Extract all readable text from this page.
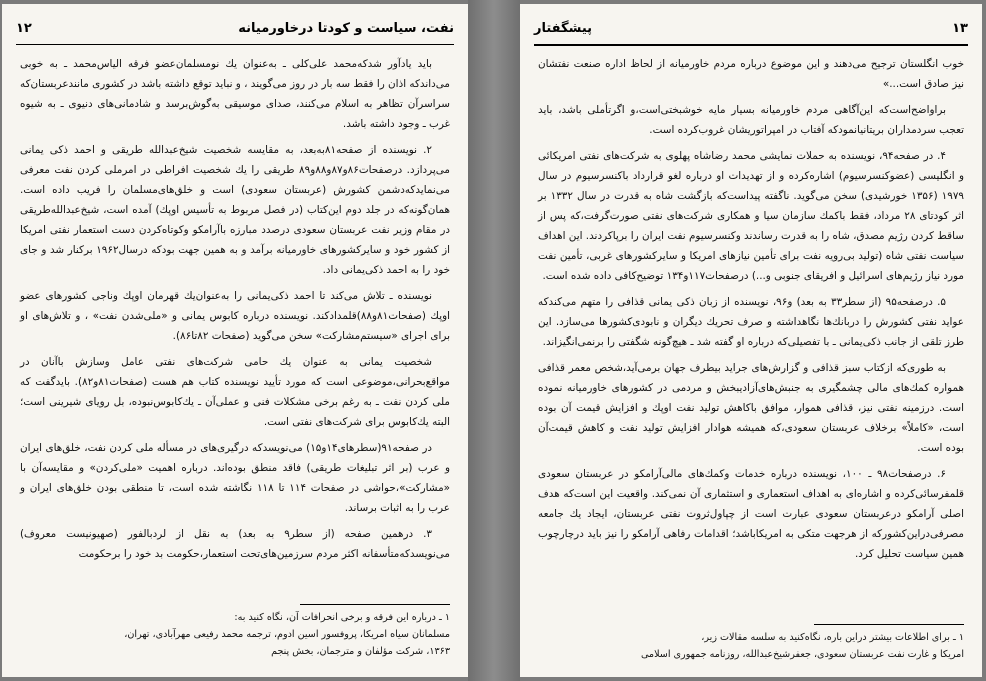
۱۲	نفت، سیاست و کودتا درخاورمیانه

باید یادآور شدکه‌محمد علی‌کلی ـ به‌عنوان یك نومسلمان‌عضو فرقه الیاس‌محمد ـ به خوبی می‌داندکه اذان را فقط سه بار در روز می‌گویند ، و نباید توقع داشته باشد در کشوری مانندعربستان‌که سراسرآن تظاهر به اسلام می‌کنند، صدای موسیقی به‌گوش‌برسد و شادمانی‌های دنیوی ـ به شیوه غرب ـ وجود داشته باشد.

۲. نویسنده از صفحه۸۱به‌بعد، به مقایسه شخصیت شیخ‌عبدالله طریقی و احمد ذکی یمانی می‌پردازد. درصفحات۸۶و۸۷و۸۸و۸۹ طریقی را یك شخصیت افراطی در امرملی کردن نفت معرفی می‌نمایدکه‌دشمن کشورش (عربستان سعودی) است و خلق‌های‌مسلمان را فریب داده است. همان‌گونه‌که در جلد دوم این‌کتاب (در فصل مربوط به تأسیس اوپك) آمده است، شیخ‌عبدالله‌طریقی در مقام وزیر نفت عربستان سعودی درصدد مبارزه باآرامکو وکوتاه‌کردن دست استعمار نفتی امریکا از کشور خود و سایرکشورهای خاورمیانه برآمد و به همین جهت بودکه درسال۱۹۶۲ برکنار شد و جای خود را به احمد ذکی‌یمانی داد.

نویسنده ـ تلاش می‌کند تا احمد ذکی‌یمانی را به‌عنوان‌یك قهرمان اوپك وناجی کشورهای عضو اوپك (صفحات۸۱و۸۸)قلمدادکند. نویسنده درباره کابوس یمانی و «ملی‌شدن نفت» ، و تلاش‌های او برای اجرای «سیستم‌مشارکت» سخن می‌گوید (صفحات ۸۲تا۸۶).

شخصیت یمانی به عنوان یك حامی شرکت‌های نفتی عامل وسازش باآنان در مواقع‌بحرانی،موضوعی است که مورد تأیید نویسنده کتاب هم هست (صفحات۸۱و۸۲). باید‌گفت که ملی کردن نفت ـ به رغم برخی مشکلات فنی و عملی‌آن ـ یك‌کابوس‌نبوده، بل رویای شیرینی است؛ البته یك‌کابوس برای شرکت‌های نفتی است.

در صفحه۹۱(سطرهای۱۴و۱۵) می‌نویسدکه درگیری‌های در مسأله ملی کردن نفت، خلق‌های ایران و عرب (بر اثر تبلیغات طریقی) فاقد منطق بوده‌اند. درباره اهمیت «ملی‌کردن» و مقایسه‌آن با «مشارکت»،حواشی در صفحات ۱۱۴ تا ۱۱۸ نگاشته شده است، تا منطقی بودن خلق‌های ایران و عرب را به اثبات برساند.

۳. درهمین صفحه (از سطر۹ به بعد) به نقل از لردبالفور (صهیونیست معروف) می‌نویسدکه‌متأسفانه اکثر مردم سرزمین‌های‌تحت استعمار،حکومت بد خود را برحکومت

۱ ـ درباره این فرقه و برخی انحرافات آن، نگاه کنید به:
مسلمانان سیاه امریکا، پروفسور اسین ادوم، ترجمه محمد رفیعی مهرآبادی، تهران،
۱۳۶۳، شرکت مؤلفان و مترجمان، بخش پنجم
پیشگفتار	۱۳

خوب انگلستان ترجیح می‌دهند و این موضوع درباره مردم خاورمیانه از لحاظ اداره صنعت نفتشان نیز صادق است...»

براواضح‌است‌که این‌آگاهی مردم خاورمیانه بسیار مایه خوشبختی‌است،و اگرتأملی باشد، باید تعجب سردمداران بریتانیانمودکه آفتاب در امپراتوریشان غروب‌کرده است.

۴. در صفحه‌۹۴، نویسنده به حملات نمایشی محمد رضاشاه پهلوی به شرکت‌های نفتی امریکائی و انگلیسی (عضوکنسرسیوم) اشاره‌کرده و از تهدیدات او درباره لغو قرارداد باکنسرسیوم در سال ۱۹۷۹ (۱۳۵۶ خورشیدی) سخن می‌گوید. ناگفته پیداست‌که بازگشت شاه به قدرت در سال ۱۳۳۲ بر اثر کودتای ۲۸ مرداد، فقط باکمك سازمان سیا و همکاری شرکت‌های نفتی صورت‌گرفت،که پس از ساقط کردن رژیم مصدق، شاه را به قدرت رساندند وکنسرسیوم نفت ایران را برپاکردند. این اهداف سیاست نفتی شاه (تولید بی‌رویه نفت برای تأمین نیازهای امریکا و سایرکشورهای غربی، تأمین نفت مورد نیاز رژیم‌های اسرائیل و افریقای جنوبی و...) درصفحات۱۱۷و۱۳۴ توضیح‌کافی داده شده است.

۵. درصفحه۹۵ (از سطر۳۳ به بعد) و۹۶، نویسنده از زبان ذکی یمانی قذافی را متهم می‌کندکه عواید نفتی کشورش را دربانك‌ها نگاهداشته و صرف تحریك دیگران و نابودی‌کشورها می‌سازد. این طرز تلقی از جانب ذکی‌یمانی ـ با تفصیلی‌که درباره او گفته شد ـ هیچ‌گونه شگفتی را برنمی‌انگیزاند.

به طوری‌که ازکتاب سبز قذافی و گزارش‌های جراید بیطرف جهان برمی‌آید،شخص معمر قذافی همواره کمك‌های مالی چشمگیری به جنبش‌های‌آزادیبخش و مردمی در کشورهای خاورمیانه نموده است. درزمینه نفتی نیز، قذافی هموار، موافق باکاهش تولید نفت اوپك و افزایش قیمت آن بوده است، «کاملاً» برخلاف عربستان سعودی،که همیشه هوادار افزایش تولید نفت و کاهش قیمت‌آن بوده است.

۶. درصفحات۹۸ ـ ۱۰۰، نویسنده درباره خدمات وکمك‌های مالی‌آرامکو در عربستان سعودی قلمفرسائی‌کرده و اشاره‌ای به اهداف استعماری و استثماری آن نمی‌کند. واقعیت این است‌که هدف اصلی آرامکو درعربستان سعودی عبارت است از چپاول‌ثروت نفتی عربستان، ایجاد یك جامعه مصرفی‌دراین‌کشور‌که از هرجهت متکی به امریکاباشد؛ اقدامات رفاهی آرامکو را نیز باید درچارچوب همین سیاست تحلیل کرد.

۱ ـ برای اطلاعات بیشتر دراین باره، نگاه‌کنید به سلسه مقالات زیر،
امریکا و غارت نفت عربستان سعودی، جعفرشیخ‌عبدالله، روزنامه جمهوری اسلامی
